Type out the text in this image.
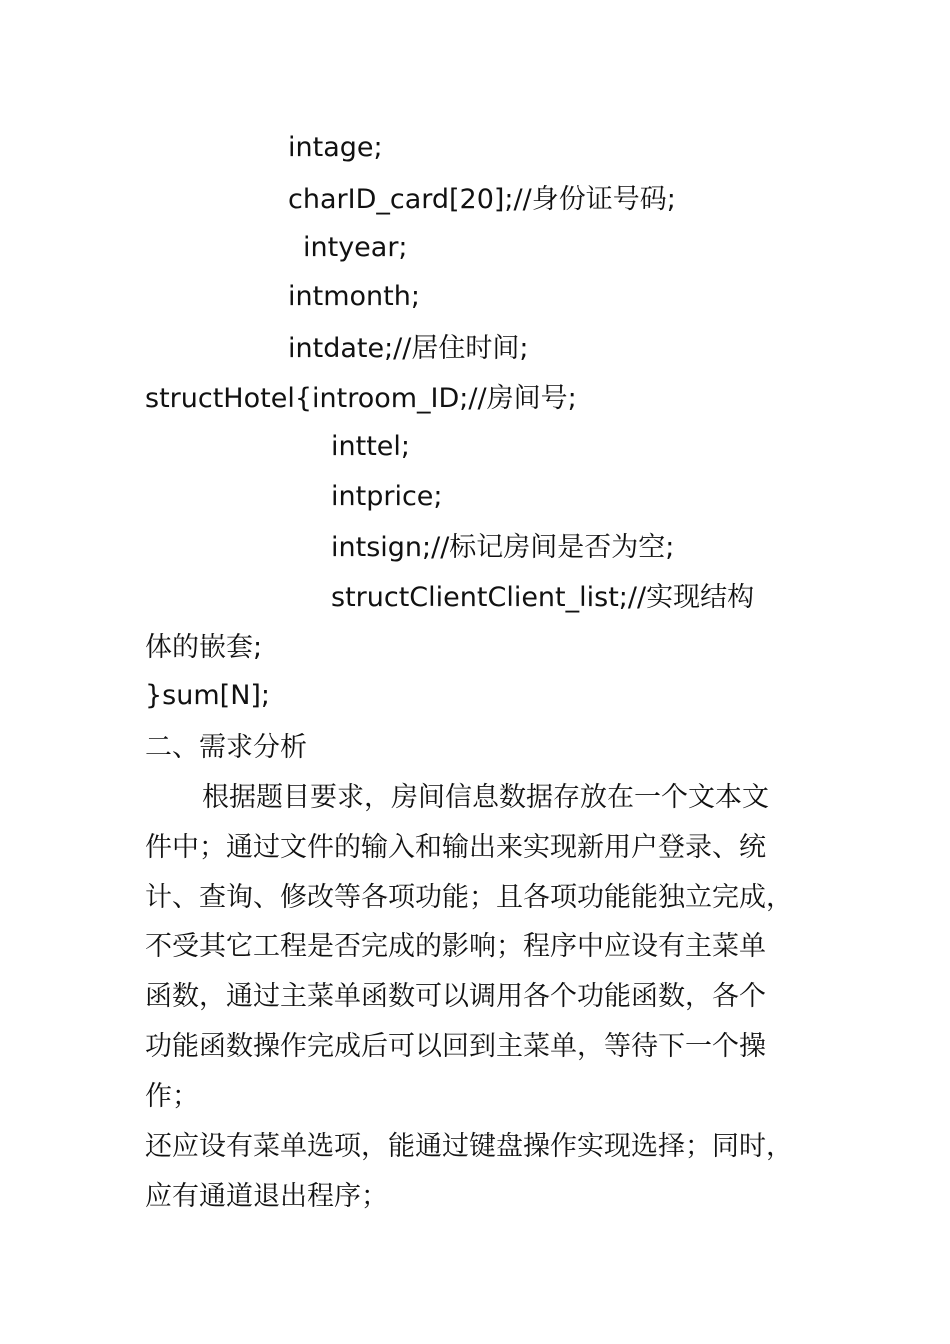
intage;
charID_card[20];//身份证号码;
intyear;
intmonth;
intdate;//居住时间;
structHotel{introom_ID;//房间号;
inttel;
intprice;
intsign;//标记房间是否为空;
structClientClient_list;//实现结构
体的嵌套;
}sum[N];
二、需求分析
根据题目要求，房间信息数据存放在一个文本文
件中；通过文件的输入和输出来实现新用户登录、统
计、查询、修改等各项功能；且各项功能能独立完成，
不受其它工程是否完成的影响；程序中应设有主菜单
函数，通过主菜单函数可以调用各个功能函数，各个
功能函数操作完成后可以回到主菜单，等待下一个操
作；
还应设有菜单选项，能通过键盘操作实现选择；同时，
应有通道退出程序；
